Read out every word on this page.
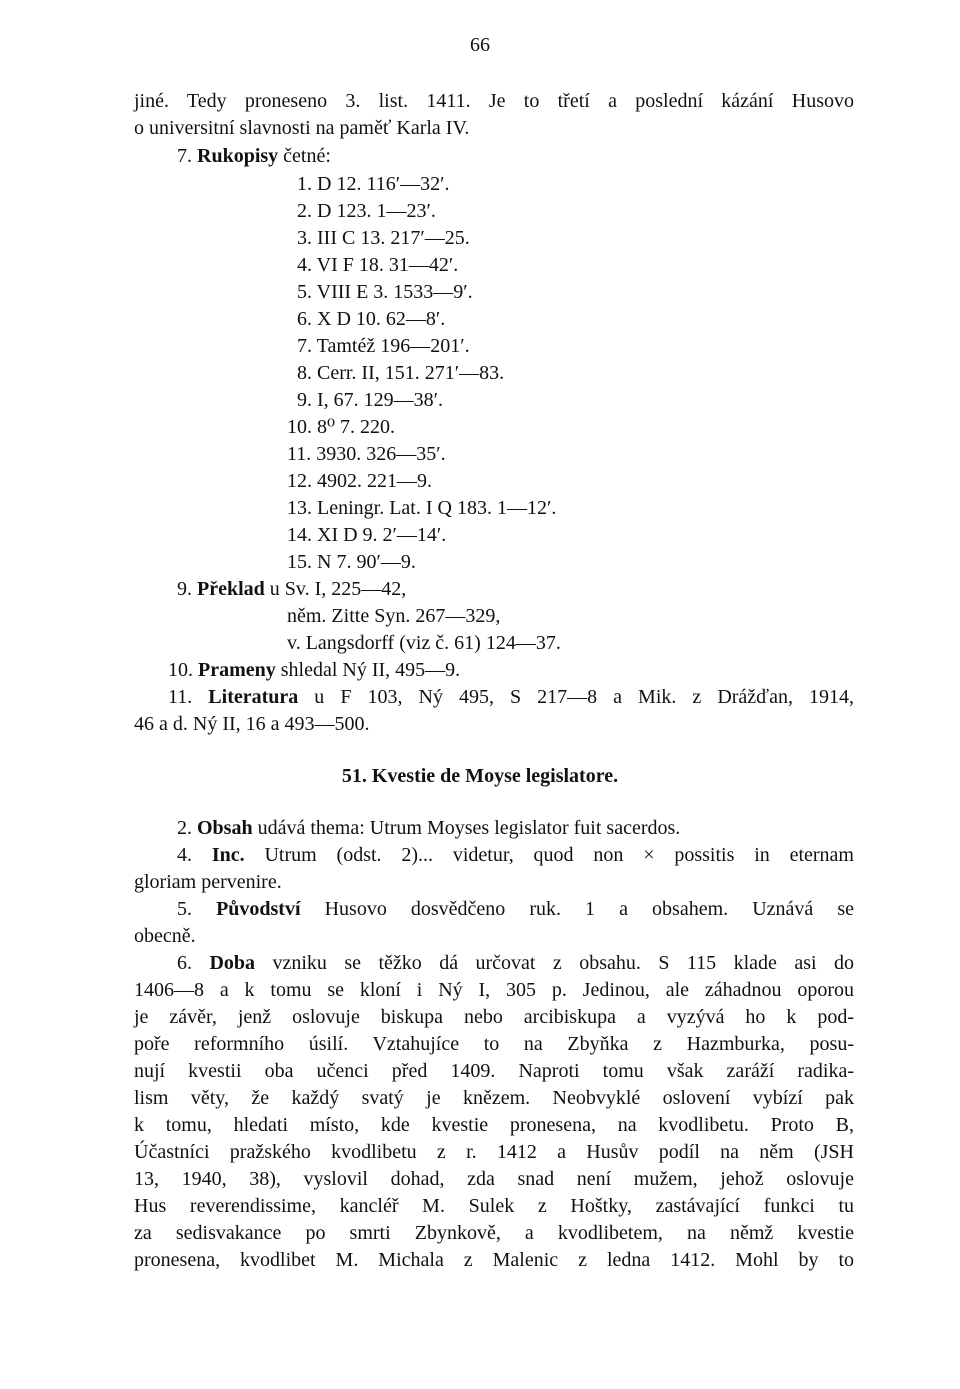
66
jiné. Tedy proneseno 3. list. 1411. Je to třetí a poslední kázání Husovo
o universitní slavnosti na paměť Karla IV.
7. Rukopisy četné:
1. D 12. 116′—32′.
2. D 123. 1—23′.
3. III C 13. 217′—25.
4. VI F 18. 31—42′.
5. VIII E 3. 1533—9′.
6. X D 10. 62—8′.
7. Tamtéž 196—201′.
8. Cerr. II, 151. 271′—83.
9. I, 67. 129—38′.
10. 8⁰ 7. 220.
11. 3930. 326—35′.
12. 4902. 221—9.
13. Leningr. Lat. I Q 183. 1—12′.
14. XI D 9. 2′—14′.
15. N 7. 90′—9.
9. Překlad u Sv. I, 225—42,
něm. Zitte Syn. 267—329,
v. Langsdorff (viz č. 61) 124—37.
10. Prameny shledal Ný II, 495—9.
11. Literatura u F 103, Ný 495, S 217—8 a Mik. z Drážďan, 1914,
46 a d. Ný II, 16 a 493—500.
51. Kvestie de Moyse legislatore.
2. Obsah udává thema: Utrum Moyses legislator fuit sacerdos.
4. Inc. Utrum (odst. 2)... videtur, quod non × possitis in eternam
gloriam pervenire.
5. Původství Husovo dosvědčeno ruk. 1 a obsahem. Uznává se
obecně.
6. Doba vzniku se těžko dá určovat z obsahu. S 115 klade asi do
1406—8 a k tomu se kloní i Ný I, 305 p. Jedinou, ale záhadnou oporou
je závěr, jenž oslovuje biskupa nebo arcibiskupa a vyzývá ho k pod-
poře reformního úsilí. Vztahujíce to na Zbyňka z Hazmburka, posu-
nují kvestii oba učenci před 1409. Naproti tomu však zaráží radika-
lism věty, že každý svatý je knězem. Neobvyklé oslovení vybízí pak
k tomu, hledati místo, kde kvestie pronesena, na kvodlibetu. Proto B,
Účastníci pražského kvodlibetu z r. 1412 a Husův podíl na něm (JSH
13, 1940, 38), vyslovil dohad, zda snad není mužem, jehož oslovuje
Hus reverendissime, kancléř M. Sulek z Hoštky, zastávající funkci tu
za sedisvakance po smrti Zbynkově, a kvodlibetem, na němž kvestie
pronesena, kvodlibet M. Michala z Malenic z ledna 1412. Mohl by to
